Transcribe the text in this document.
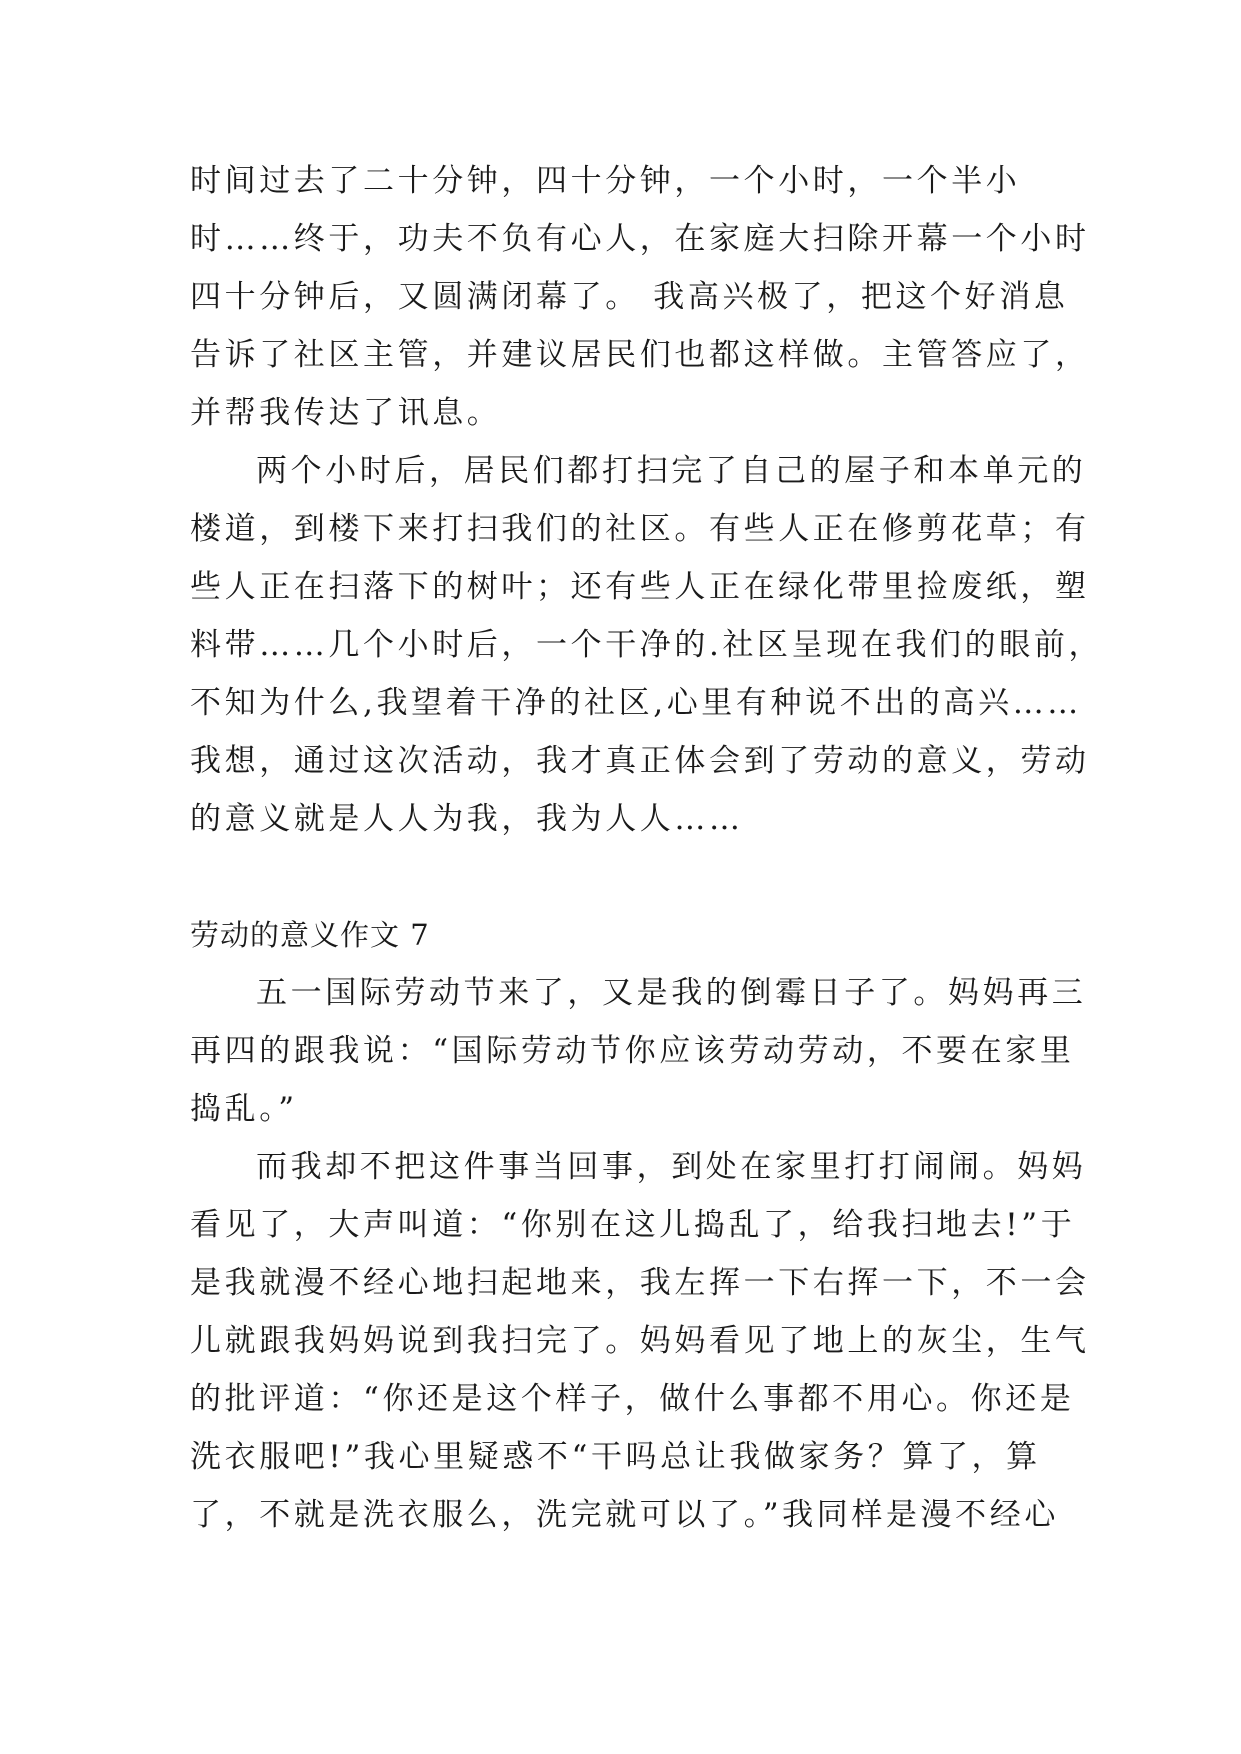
时间过去了二十分钟，四十分钟，一个小时，一个半小
时……终于，功夫不负有心人，在家庭大扫除开幕一个小时
四十分钟后，又圆满闭幕了。 我高兴极了，把这个好消息
告诉了社区主管，并建议居民们也都这样做。主管答应了，
并帮我传达了讯息。
两个小时后，居民们都打扫完了自己的屋子和本单元的
楼道，到楼下来打扫我们的社区。有些人正在修剪花草；有
些人正在扫落下的树叶；还有些人正在绿化带里捡废纸，塑
料带……几个小时后，一个干净的.社区呈现在我们的眼前，
不知为什么,我望着干净的社区,心里有种说不出的高兴……
我想，通过这次活动，我才真正体会到了劳动的意义，劳动
的意义就是人人为我，我为人人……
劳动的意义作文 7
五一国际劳动节来了，又是我的倒霉日子了。妈妈再三
再四的跟我说：“国际劳动节你应该劳动劳动，不要在家里
捣乱。”
而我却不把这件事当回事，到处在家里打打闹闹。妈妈
看见了，大声叫道：“你别在这儿捣乱了，给我扫地去!”于
是我就漫不经心地扫起地来，我左挥一下右挥一下，不一会
儿就跟我妈妈说到我扫完了。妈妈看见了地上的灰尘，生气
的批评道：“你还是这个样子，做什么事都不用心。你还是
洗衣服吧!”我心里疑惑不“干吗总让我做家务？算了，算
了，不就是洗衣服么，洗完就可以了。”我同样是漫不经心
